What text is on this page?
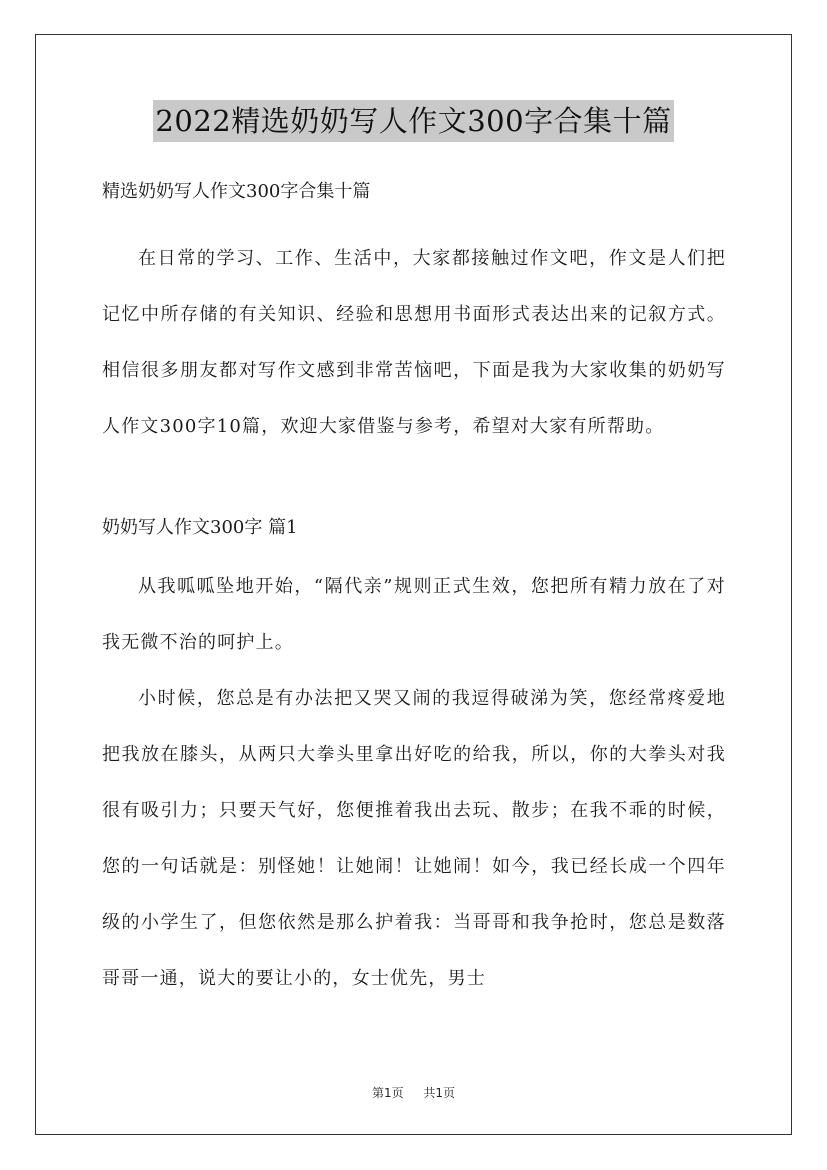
2022精选奶奶写人作文300字合集十篇
精选奶奶写人作文300字合集十篇

在日常的学习、工作、生活中，大家都接触过作文吧，作文是人们把记忆中所存储的有关知识、经验和思想用书面形式表达出来的记叙方式。相信很多朋友都对写作文感到非常苦恼吧，下面是我为大家收集的奶奶写人作文300字10篇，欢迎大家借鉴与参考，希望对大家有所帮助。

奶奶写人作文300字 篇1

从我呱呱坠地开始，“隔代亲”规则正式生效，您把所有精力放在了对我无微不治的呵护上。

小时候，您总是有办法把又哭又闹的我逗得破涕为笑，您经常疼爱地把我放在膝头，从两只大拳头里拿出好吃的给我，所以，你的大拳头对我很有吸引力；只要天气好，您便推着我出去玩、散步；在我不乖的时候，您的一句话就是：别怪她！让她闹！让她闹！如今，我已经长成一个四年级的小学生了，但您依然是那么护着我：当哥哥和我争抢时，您总是数落哥哥一通，说大的要让小的，女士优先，男士

第1页 共1页
